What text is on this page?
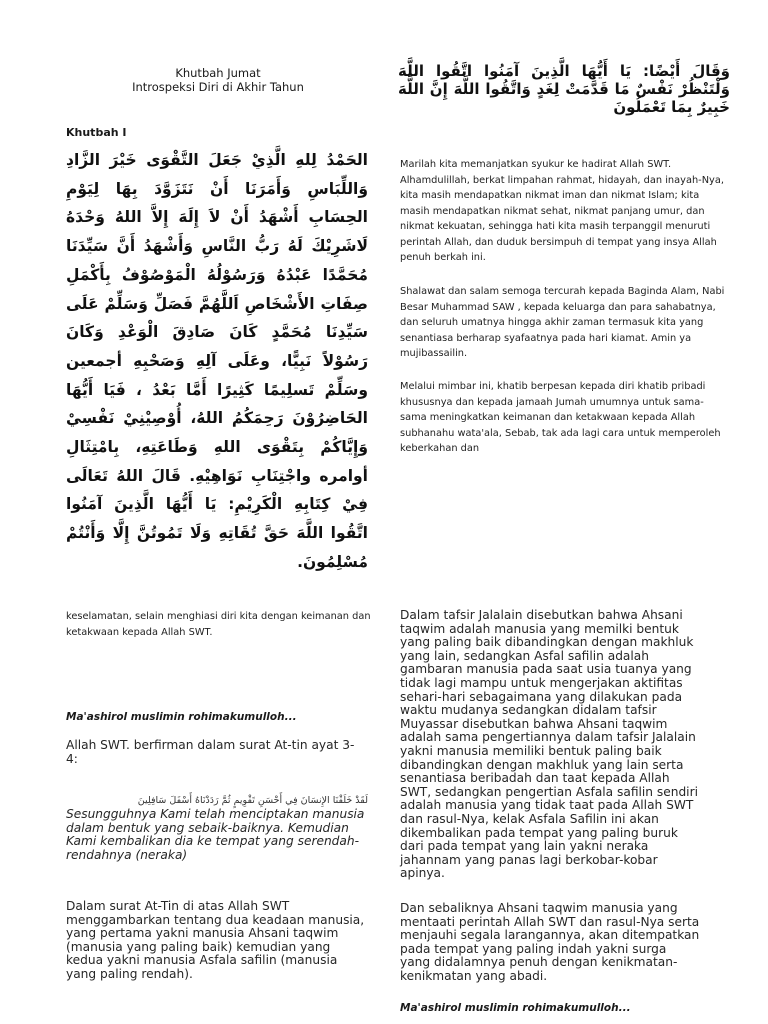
Khutbah Jumat
Introspeksi Diri di Akhir Tahun
وَقَالَ أَيْضًا: يَا أَيُّهَا الَّذِينَ آمَنُوا اتَّقُوا اللَّهَ وَلْتَنْظُرْ نَفْسٌ مَا قَدَّمَتْ لِغَدٍ وَاتَّقُوا اللَّهَ إِنَّ اللَّهَ خَبِيرٌ بِمَا تَعْمَلُونَ
Khutbah I
الحَمْدُ لِلهِ الَّذِيْ جَعَلَ التَّقْوَى خَيْرَ الزَّادِ وَاللِّبَاسِ وَأَمَرَنَا أَنْ نَتَزَوَّدَ بِهَا لِيَوْمِ الحِسَابِ أَشْهَدُ أَنْ لاَ إِلَهَ إِلاَّ اللهُ وَحْدَهُ لَاشَرِيْكَ لَهُ رَبُّ النَّاسِ وَأَشْهَدُ أَنَّ سَيِّدَنَا مُحَمَّدًا عَبْدُهُ وَرَسُوْلُهُ الْمَوْصُوْفُ بِأَكْمَلِ صِفَاتِ الأَشْخَاصِ اَللَّهُمَّ فَصَلِّ وَسَلِّمْ عَلَى سَيِّدِنَا مُحَمَّدٍ كَانَ صَادِقَ الْوَعْدِ وَكَانَ رَسُوْلاً نَبِيًّا، وعَلَى آلِهِ وَصَحْبِهِ أجمعين وسَلِّمْ تَسلِيمًا كَثِيرًا أَمَّا بَعْدُ ، فَيَا أَيُّهَا الحَاضِرُوْنَ رَحِمَكُمُ اللهُ، أُوْصِيْنِيْ نَفْسِيْ وَإِيَّاكُمْ بِتَقْوَى اللهِ وَطَاعَتِهِ، بِامْتِثَالِ أوامره واجْتِنَابِ نَوَاهِيْهِ. قَالَ اللهُ تَعَالَى فِيْ كِتَابِهِ الْكَرِيْمِ: يَا أَيُّهَا الَّذِينَ آمَنُوا اتَّقُوا اللَّهَ حَقَّ تُقَاتِهِ وَلَا تَمُوتُنَّ إِلَّا وَأَنْتُمْ مُسْلِمُونَ.

Marilah kita memanjatkan syukur ke hadirat Allah SWT. Alhamdulillah, berkat limpahan rahmat, hidayah, dan inayah-Nya, kita masih mendapatkan nikmat iman dan nikmat Islam; kita masih mendapatkan nikmat sehat, nikmat panjang umur, dan nikmat kekuatan, sehingga hati kita masih terpanggil menuruti perintah Allah, dan duduk bersimpuh di tempat yang insya Allah penuh berkah ini.

Shalawat dan salam semoga tercurah kepada Baginda Alam, Nabi Besar Muhammad SAW , kepada keluarga dan para sahabatnya, dan seluruh umatnya hingga akhir zaman termasuk kita yang senantiasa berharap syafaatnya pada hari kiamat. Amin ya mujibassailin.

Melalui mimbar ini, khatib berpesan kepada diri khatib pribadi khususnya dan kepada jamaah Jumah umumnya untuk sama-sama meningkatkan keimanan dan ketakwaan kepada Allah subhanahu wata'ala, Sebab, tak ada lagi cara untuk memperoleh keberkahan dan

keselamatan, selain menghiasi diri kita dengan keimanan dan ketakwaan kepada Allah SWT.

Ma'ashirol muslimin rohimakumulloh...

Allah SWT. berfirman dalam surat At-tin ayat 3-4:

لَقَدْ خَلَقْنَا الإِنسَانَ فِي أَحْسَنِ تَقْوِيمٍ ثُمَّ رَدَدْنَاهُ أَسْفَلَ سَافِلِينَ

Sesungguhnya Kami telah menciptakan manusia dalam bentuk yang sebaik-baiknya. Kemudian Kami kembalikan dia ke tempat yang serendah-rendahnya (neraka)

Dalam surat At-Tin di atas Allah SWT menggambarkan tentang dua keadaan manusia, yang pertama yakni manusia Ahsani taqwim (manusia yang paling baik) kemudian yang kedua yakni manusia Asfala safilin (manusia yang paling rendah).

Dalam tafsir Jalalain disebutkan bahwa Ahsani taqwim adalah manusia yang memilki bentuk yang paling baik dibandingkan dengan makhluk yang lain, sedangkan Asfal safilin adalah gambaran manusia pada saat usia tuanya yang tidak lagi mampu untuk mengerjakan aktifitas sehari-hari sebagaimana yang dilakukan pada waktu mudanya sedangkan didalam tafsir Muyassar disebutkan bahwa Ahsani taqwim adalah sama pengertiannya dalam tafsir Jalalain yakni manusia memiliki bentuk paling baik dibandingkan dengan makhluk yang lain serta senantiasa beribadah dan taat kepada Allah SWT, sedangkan pengertian Asfala safilin sendiri adalah manusia yang tidak taat pada Allah SWT dan rasul-Nya, kelak Asfala Safilin ini akan dikembalikan pada tempat yang paling buruk dari pada tempat yang lain yakni neraka jahannam yang panas lagi berkobar-kobar apinya.

Dan sebaliknya Ahsani taqwim manusia yang mentaati perintah Allah SWT dan rasul-Nya serta menjauhi segala larangannya, akan ditempatkan pada tempat yang paling indah yakni surga yang didalamnya penuh dengan kenikmatan-kenikmatan yang abadi.

Ma'ashirol muslimin rohimakumulloh...
